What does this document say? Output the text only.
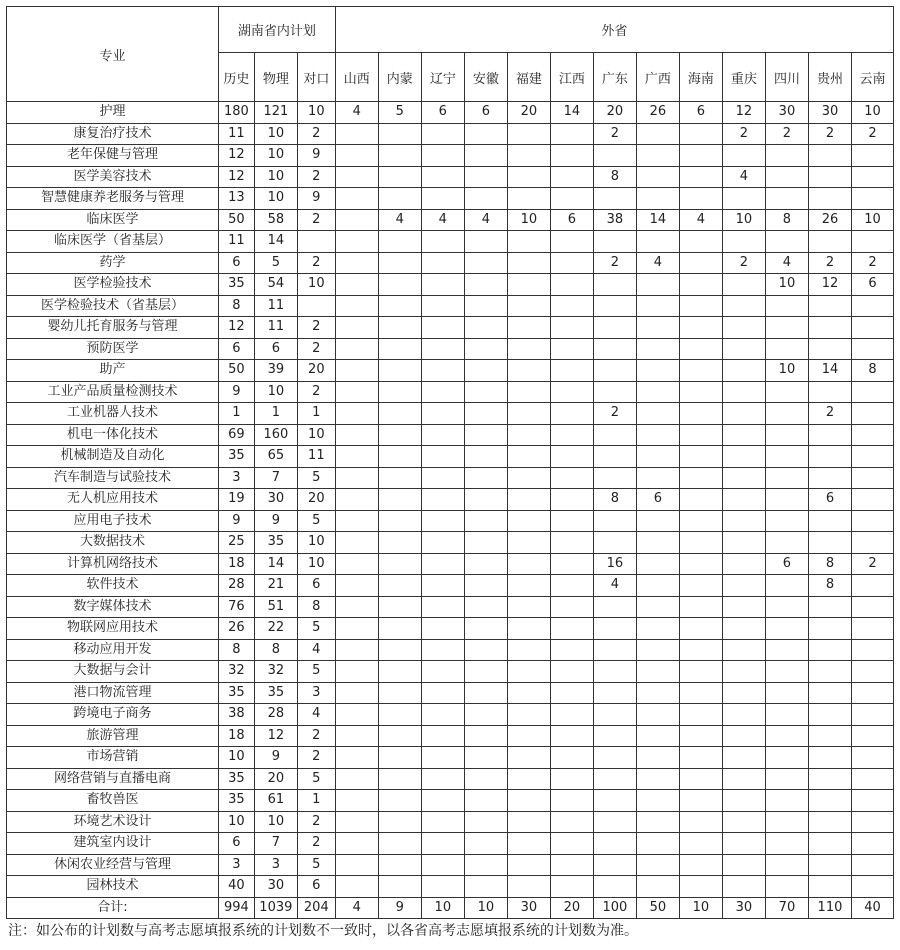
专业	湖南省内计划			外省												
	历史	物理	对口	山西	内蒙	辽宁	安徽	福建	江西	广东	广西	海南	重庆	四川	贵州	云南
护理	180	121	10	4	5	6	6	20	14	20	26	6	12	30	30	10
康复治疗技术	11	10	2							2			2	2	2	2
老年保健与管理	12	10	9													
医学美容技术	12	10	2							8			4			
智慧健康养老服务与管理	13	10	9													
临床医学	50	58	2		4	4	4	10	6	38	14	4	10	8	26	10
临床医学（省基层）	11	14														
药学	6	5	2							2	4		2	4	2	2
医学检验技术	35	54	10											10	12	6
医学检验技术（省基层）	8	11														
婴幼儿托育服务与管理	12	11	2													
预防医学	6	6	2													
助产	50	39	20											10	14	8
工业产品质量检测技术	9	10	2													
工业机器人技术	1	1	1							2					2	
机电一体化技术	69	160	10													
机械制造及自动化	35	65	11													
汽车制造与试验技术	3	7	5													
无人机应用技术	19	30	20							8	6				6	
应用电子技术	9	9	5													
大数据技术	25	35	10													
计算机网络技术	18	14	10							16				6	8	2
软件技术	28	21	6							4					8	
数字媒体技术	76	51	8													
物联网应用技术	26	22	5													
移动应用开发	8	8	4													
大数据与会计	32	32	5													
港口物流管理	35	35	3													
跨境电子商务	38	28	4													
旅游管理	18	12	2													
市场营销	10	9	2													
网络营销与直播电商	35	20	5													
畜牧兽医	35	61	1													
环境艺术设计	10	10	2													
建筑室内设计	6	7	2													
休闲农业经营与管理	3	3	5													
园林技术	40	30	6													
合计:	994	1039	204	4	9	10	10	30	20	100	50	10	30	70	110	40
注：如公布的计划数与高考志愿填报系统的计划数不一致时，以各省高考志愿填报系统的计划数为准。
